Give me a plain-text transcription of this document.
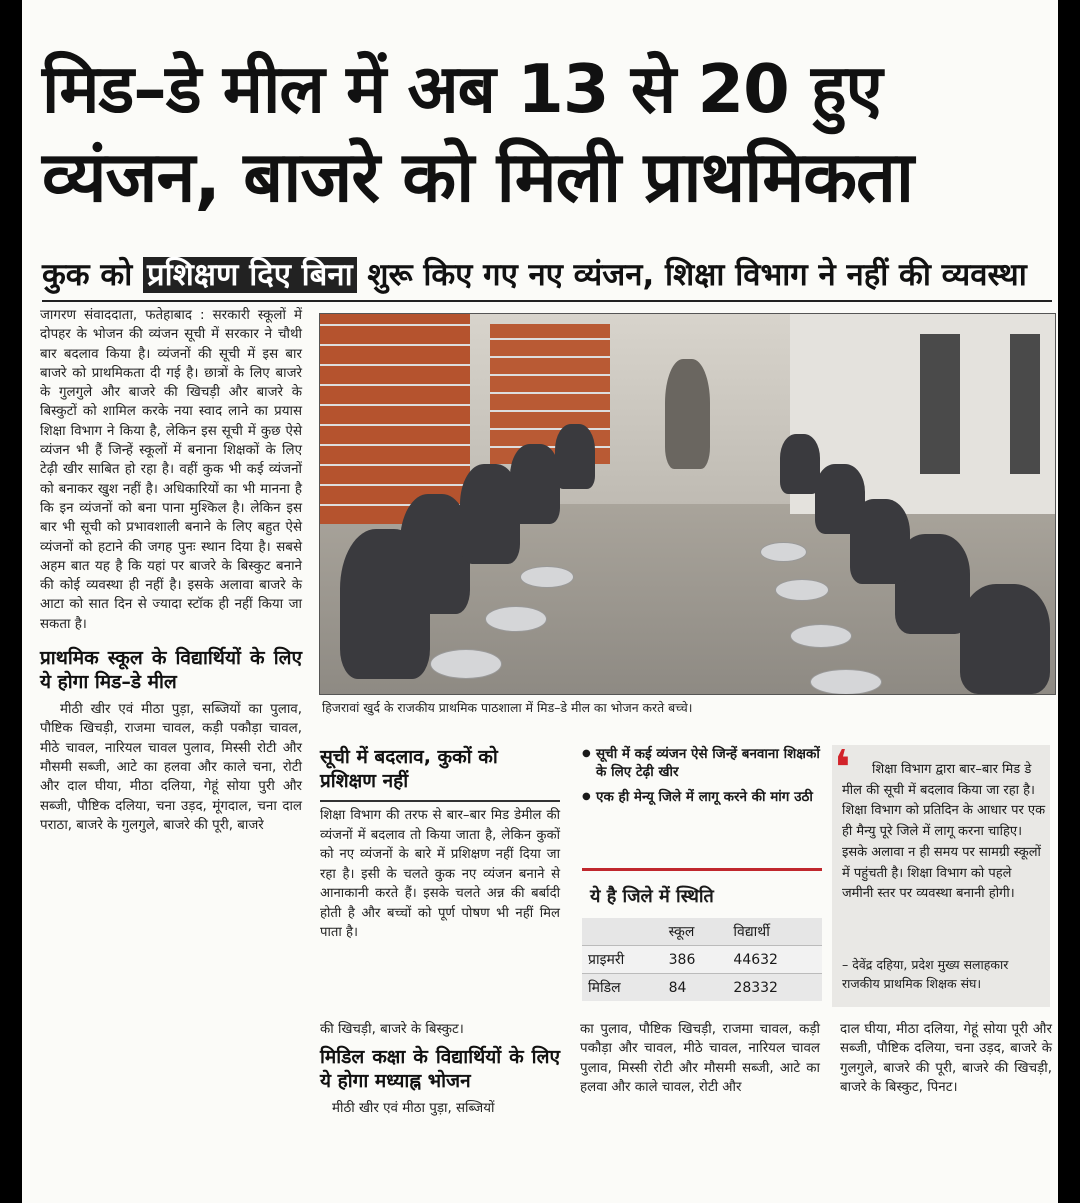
मिड–डे मील में अब 13 से 20 हुए
व्यंजन, बाजरे को मिली प्राथमिकता
कुक को प्रशिक्षण दिए बिना शुरू किए गए नए व्यंजन, शिक्षा विभाग ने नहीं की व्यवस्था
जागरण संवाददाता, फतेहाबाद : सरकारी स्कूलों में दोपहर के भोजन की व्यंजन सूची में सरकार ने चौथी बार बदलाव किया है। व्यंजनों की सूची में इस बार बाजरे को प्राथमिकता दी गई है। छात्रों के लिए बाजरे के गुलगुले और बाजरे की खिचड़ी और बाजरे के बिस्कुटों को शामिल करके नया स्वाद लाने का प्रयास शिक्षा विभाग ने किया है, लेकिन इस सूची में कुछ ऐसे व्यंजन भी हैं जिन्हें स्कूलों में बनाना शिक्षकों के लिए टेढ़ी खीर साबित हो रहा है। वहीं कुक भी कई व्यंजनों को बनाकर खुश नहीं है। अधिकारियों का भी मानना है कि इन व्यंजनों को बना पाना मुश्किल है। लेकिन इस बार भी सूची को प्रभावशाली बनाने के लिए बहुत ऐसे व्यंजनों को हटाने की जगह पुनः स्थान दिया है। सबसे अहम बात यह है कि यहां पर बाजरे के बिस्कुट बनाने की कोई व्यवस्था ही नहीं है। इसके अलावा बाजरे के आटा को सात दिन से ज्यादा स्टॉक ही नहीं किया जा सकता है।
प्राथमिक स्कूल के विद्यार्थियों के लिए ये होगा मिड–डे मील
मीठी खीर एवं मीठा पुड़ा, सब्जियों का पुलाव, पौष्टिक खिचड़ी, राजमा चावल, कड़ी पकौड़ा चावल, मीठे चावल, नारियल चावल पुलाव, मिस्सी रोटी और मौसमी सब्जी, आटे का हलवा और काले चना, रोटी और दाल घीया, मीठा दलिया, गेहूं सोया पुरी और सब्जी, पौष्टिक दलिया, चना उड़द, मूंगदाल, चना दाल पराठा, बाजरे के गुलगुले, बाजरे की पूरी, बाजरे
हिजरावां खुर्द के राजकीय प्राथमिक पाठशाला में मिड–डे मील का भोजन करते बच्चे।
सूची में बदलाव, कुकों को प्रशिक्षण नहीं
शिक्षा विभाग की तरफ से बार–बार मिड डेमील की व्यंजनों में बदलाव तो किया जाता है, लेकिन कुकों को नए व्यंजनों के बारे में प्रशिक्षण नहीं दिया जा रहा है। इसी के चलते कुक नए व्यंजन बनाने से आनाकानी करते हैं। इसके चलते अन्न की बर्बादी होती है और बच्चों को पूर्ण पोषण भी नहीं मिल पाता है।
● सूची में कई व्यंजन ऐसे जिन्हें बनवाना शिक्षकों के लिए टेढ़ी खीर
● एक ही मेन्यू जिले में लागू करने की मांग उठी
ये है जिले में स्थिति
	स्कूल	विद्यार्थी
प्राइमरी	386	44632
मिडिल	84	28332
❛	शिक्षा विभाग द्वारा बार–बार मिड डे मील की सूची में बदलाव किया जा रहा है। शिक्षा विभाग को प्रतिदिन के आधार पर एक ही मैन्यु पूरे जिले में लागू करना चाहिए। इसके अलावा न ही समय पर सामग्री स्कूलों में पहुंचती है। शिक्षा विभाग को पहले जमीनी स्तर पर व्यवस्था बनानी होगी।
– देवेंद्र दहिया, प्रदेश मुख्य सलाहकार राजकीय प्राथमिक शिक्षक संघ।
की खिचड़ी, बाजरे के बिस्कुट।
मिडिल कक्षा के विद्यार्थियों के लिए ये होगा मध्याह्न भोजन
मीठी खीर एवं मीठा पुड़ा, सब्जियों
का पुलाव, पौष्टिक खिचड़ी, राजमा चावल, कड़ी पकौड़ा और चावल, मीठे चावल, नारियल चावल पुलाव, मिस्सी रोटी और मौसमी सब्जी, आटे का हलवा और काले चावल, रोटी और
दाल घीया, मीठा दलिया, गेहूं सोया पूरी और सब्जी, पौष्टिक दलिया, चना उड़द, बाजरे के गुलगुले, बाजरे की पूरी, बाजरे की खिचड़ी, बाजरे के बिस्कुट, पिनट।
